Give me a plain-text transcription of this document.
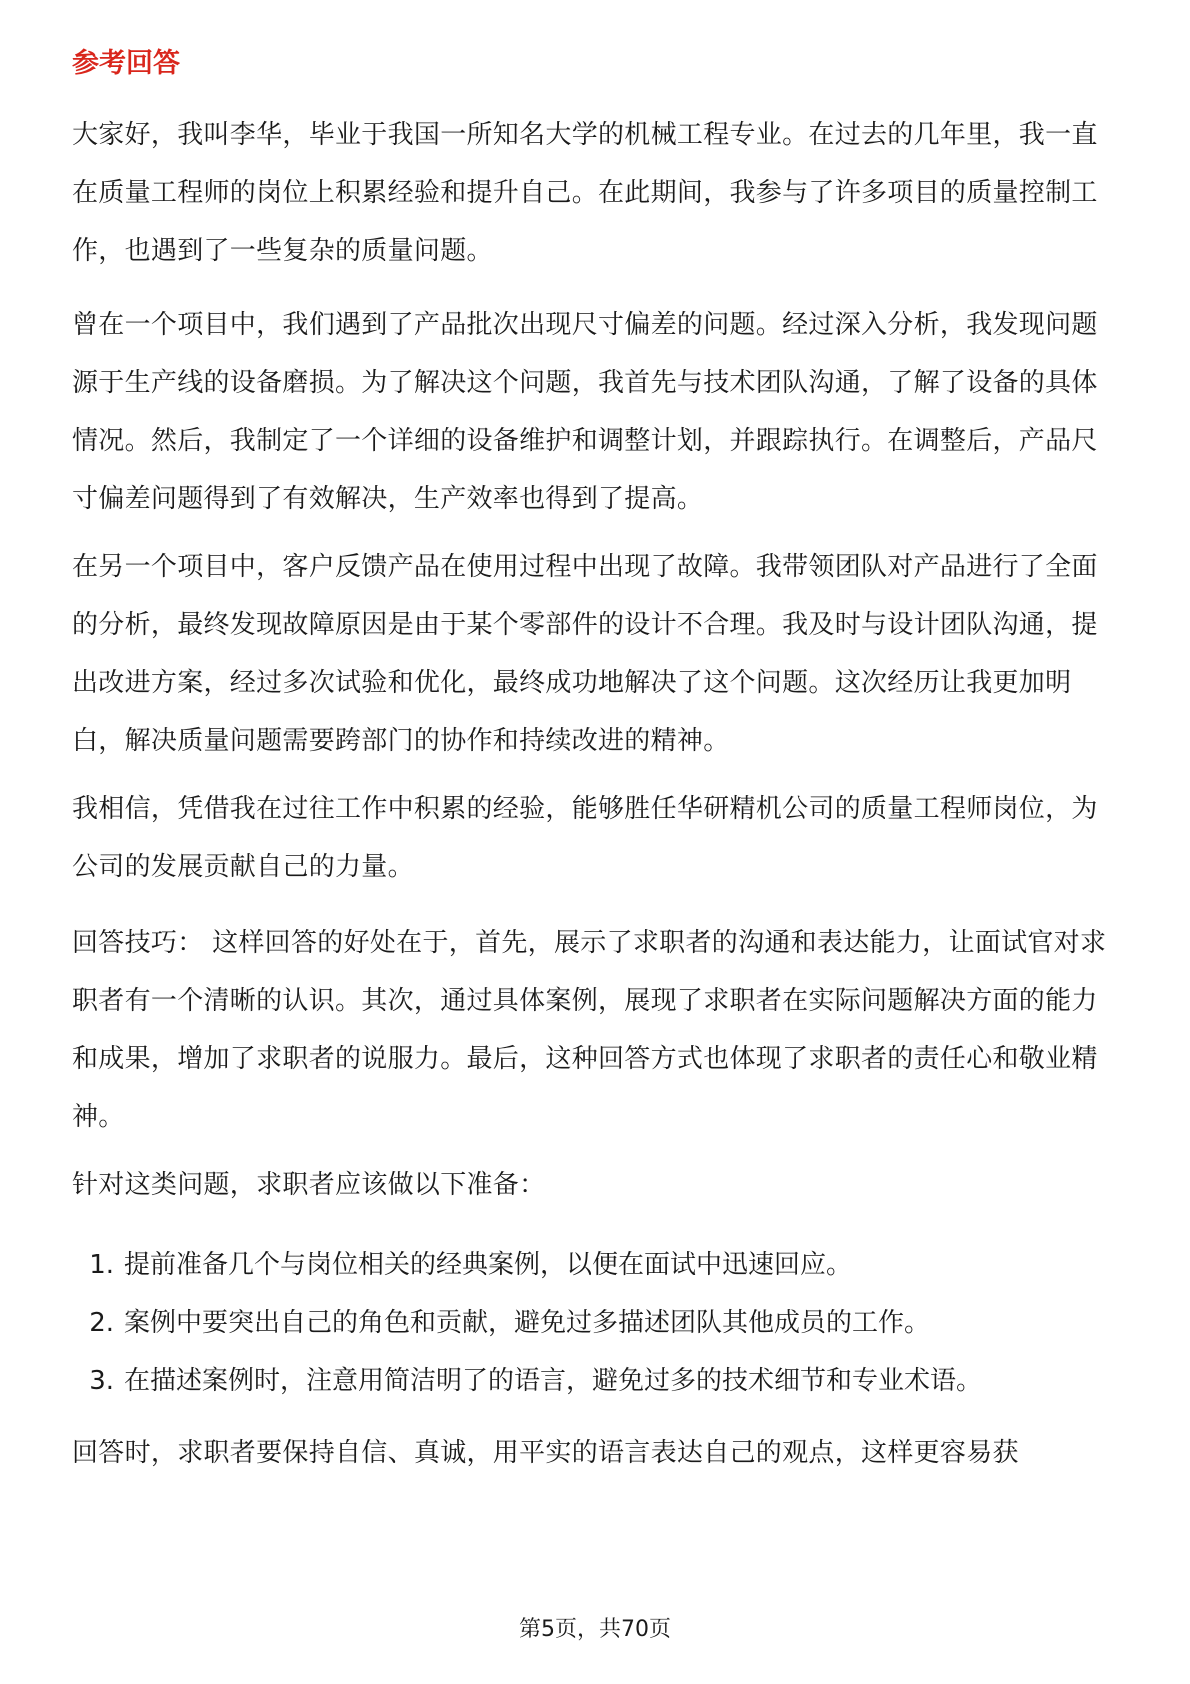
参考回答

大家好，我叫李华，毕业于我国一所知名大学的机械工程专业。在过去的几年里，我一直在质量工程师的岗位上积累经验和提升自己。在此期间，我参与了许多项目的质量控制工作，也遇到了一些复杂的质量问题。

曾在一个项目中，我们遇到了产品批次出现尺寸偏差的问题。经过深入分析，我发现问题源于生产线的设备磨损。为了解决这个问题，我首先与技术团队沟通，了解了设备的具体情况。然后，我制定了一个详细的设备维护和调整计划，并跟踪执行。在调整后，产品尺寸偏差问题得到了有效解决，生产效率也得到了提高。

在另一个项目中，客户反馈产品在使用过程中出现了故障。我带领团队对产品进行了全面的分析，最终发现故障原因是由于某个零部件的设计不合理。我及时与设计团队沟通，提出改进方案，经过多次试验和优化，最终成功地解决了这个问题。这次经历让我更加明白，解决质量问题需要跨部门的协作和持续改进的精神。

我相信，凭借我在过往工作中积累的经验，能够胜任华研精机公司的质量工程师岗位，为公司的发展贡献自己的力量。

回答技巧： 这样回答的好处在于，首先，展示了求职者的沟通和表达能力，让面试官对求职者有一个清晰的认识。其次，通过具体案例，展现了求职者在实际问题解决方面的能力和成果，增加了求职者的说服力。最后，这种回答方式也体现了求职者的责任心和敬业精神。

针对这类问题，求职者应该做以下准备：

1. 提前准备几个与岗位相关的经典案例，以便在面试中迅速回应。
2. 案例中要突出自己的角色和贡献，避免过多描述团队其他成员的工作。
3. 在描述案例时，注意用简洁明了的语言，避免过多的技术细节和专业术语。

回答时，求职者要保持自信、真诚，用平实的语言表达自己的观点，这样更容易获

第5页，共70页
